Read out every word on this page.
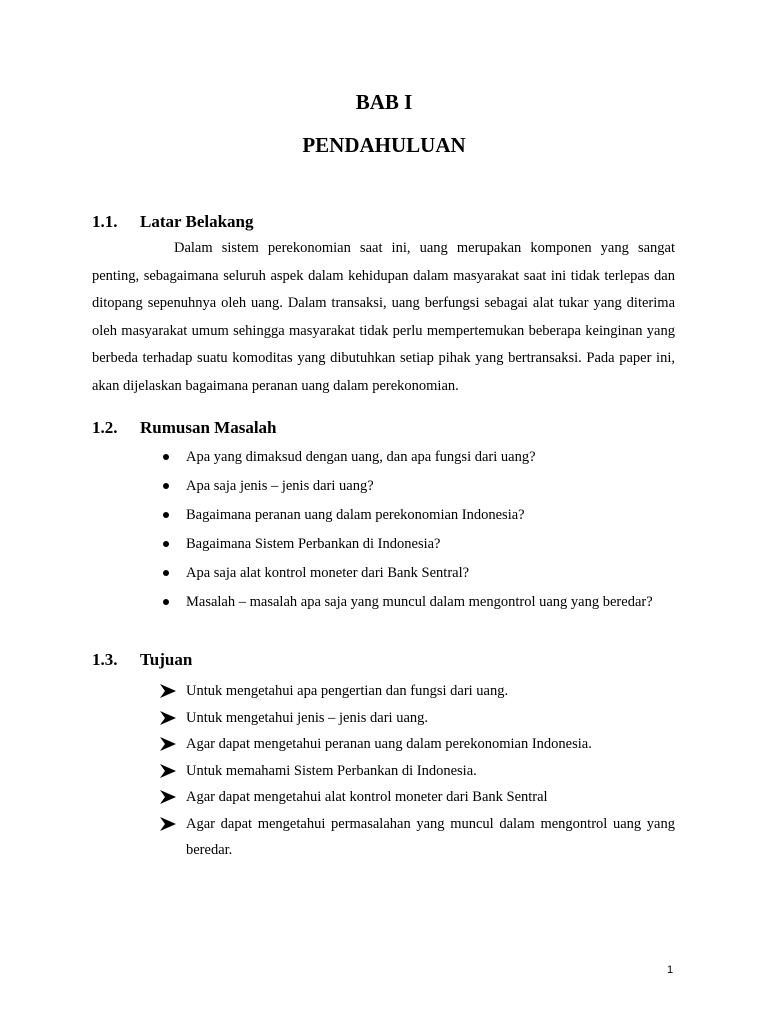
BAB I
PENDAHULUAN
1.1. Latar Belakang

Dalam sistem perekonomian saat ini, uang merupakan komponen yang sangat penting, sebagaimana seluruh aspek dalam kehidupan dalam masyarakat saat ini tidak terlepas dan ditopang sepenuhnya oleh uang. Dalam transaksi, uang berfungsi sebagai alat tukar yang diterima oleh masyarakat umum sehingga masyarakat tidak perlu mempertemukan beberapa keinginan yang berbeda terhadap suatu komoditas yang dibutuhkan setiap pihak yang bertransaksi. Pada paper ini, akan dijelaskan bagaimana peranan uang dalam perekonomian.

1.2. Rumusan Masalah
Apa yang dimaksud dengan uang, dan apa fungsi dari uang?
Apa saja jenis – jenis dari uang?
Bagaimana peranan uang dalam perekonomian Indonesia?
Bagaimana Sistem Perbankan di Indonesia?
Apa saja alat kontrol moneter dari Bank Sentral?
Masalah – masalah apa saja yang muncul dalam mengontrol uang yang beredar?
1.3. Tujuan
Untuk mengetahui apa pengertian dan fungsi dari uang.
Untuk mengetahui jenis – jenis dari uang.
Agar dapat mengetahui peranan uang dalam perekonomian Indonesia.
Untuk memahami Sistem Perbankan di Indonesia.
Agar dapat mengetahui alat kontrol moneter dari Bank Sentral
Agar dapat mengetahui permasalahan yang muncul dalam mengontrol uang yang beredar.
1
